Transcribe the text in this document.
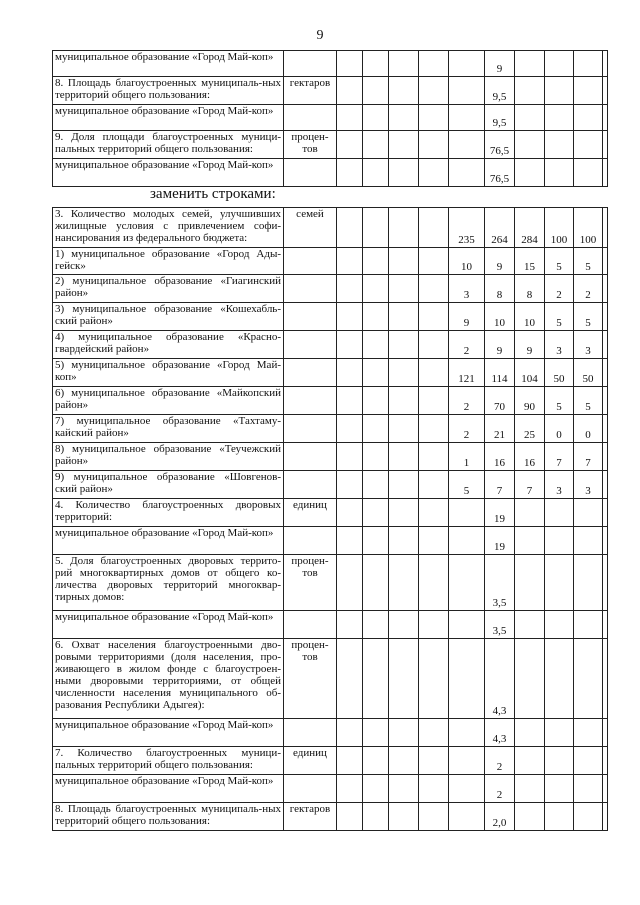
9
муниципальное образование «Город Май-коп»							9				
8. Площадь благоустроенных муниципаль-ных территорий общего пользования:	гектаров						9,5				
муниципальное образование «Город Май-коп»							9,5				
9. Доля площади благоустроенных муници-пальных территорий общего пользования:	процен-тов						76,5				
муниципальное образование «Город Май-коп»							76,5				
заменить строками:
3. Количество молодых семей, улучшивших жилищные условия с привлечением софи-нансирования из федерального бюджета:	семей					235	264	284	100	100	
1) муниципальное образование «Город Ады-гейск»						10	9	15	5	5	
2) муниципальное образование «Гиагинский район»						3	8	8	2	2	
3) муниципальное образование «Кошехабль-ский район»						9	10	10	5	5	
4) муниципальное образование «Красно-гвардейский район»						2	9	9	3	3	
5) муниципальное образование «Город Май-коп»						121	114	104	50	50	
6) муниципальное образование «Майкопский район»						2	70	90	5	5	
7) муниципальное образование «Тахтаму-кайский район»						2	21	25	0	0	
8) муниципальное образование «Теучежский район»						1	16	16	7	7	
9) муниципальное образование «Шовгенов-ский район»						5	7	7	3	3	
4. Количество благоустроенных дворовых территорий:	единиц						19				
муниципальное образование «Город Май-коп»							19				
5. Доля благоустроенных дворовых террито-рий многоквартирных домов от общего ко-личества дворовых территорий многоквар-тирных домов:	процен-тов						3,5				
муниципальное образование «Город Май-коп»							3,5				
6. Охват населения благоустроенными дво-ровыми территориями (доля населения, про-живающего в жилом фонде с благоустроен-ными дворовыми территориями, от общей численности населения муниципального об-разования Республики Адыгея):	процен-тов						4,3				
муниципальное образование «Город Май-коп»							4,3				
7. Количество благоустроенных муници-пальных территорий общего пользования:	единиц						2				
муниципальное образование «Город Май-коп»							2				
8. Площадь благоустроенных муниципаль-ных территорий общего пользования:	гектаров						2,0				
